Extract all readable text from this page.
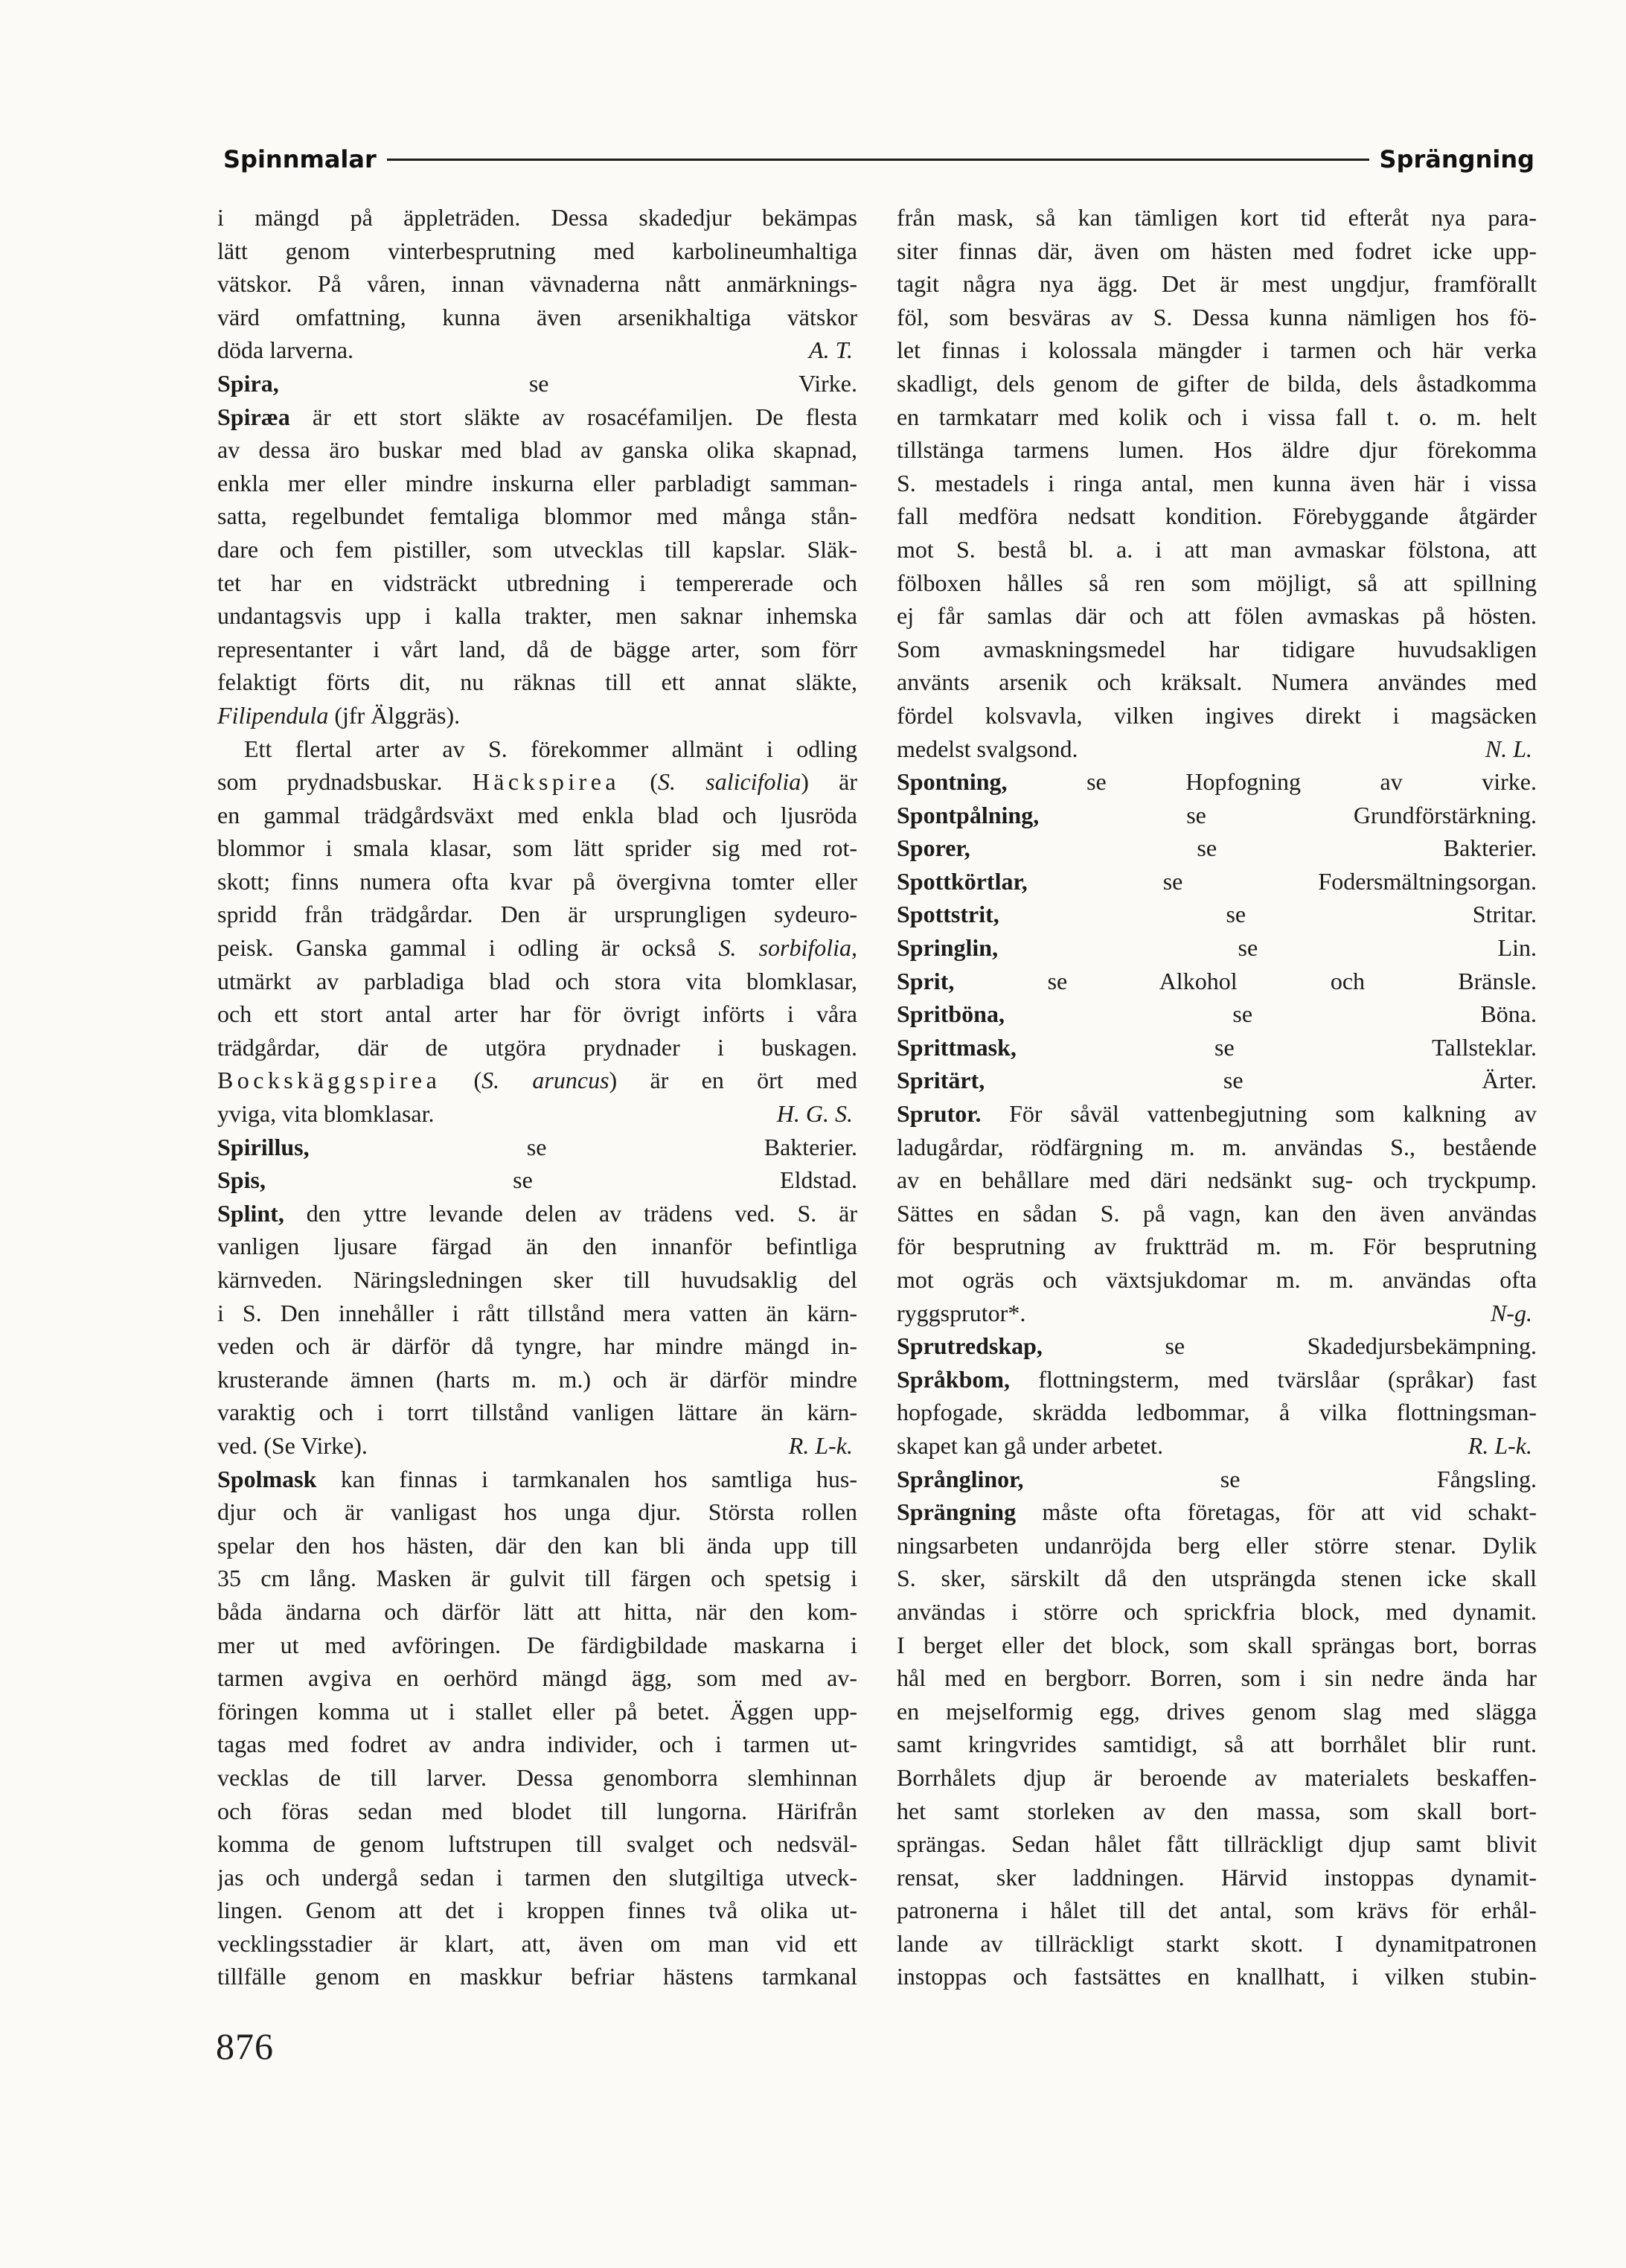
Spinnmalar	Sprängning
i mängd på äppleträden. Dessa skadedjur bekämpas
lätt genom vinterbesprutning med karbolineumhaltiga
vätskor. På våren, innan vävnaderna nått anmärknings-
värd omfattning, kunna även arsenikhaltiga vätskor
A. T.
döda larverna.
Spira, se Virke.
Spiræa är ett stort släkte av rosacéfamiljen. De flesta
av dessa äro buskar med blad av ganska olika skapnad,
enkla mer eller mindre inskurna eller parbladigt samman-
satta, regelbundet femtaliga blommor med många stån-
dare och fem pistiller, som utvecklas till kapslar. Släk-
tet har en vidsträckt utbredning i tempererade och
undantagsvis upp i kalla trakter, men saknar inhemska
representanter i vårt land, då de bägge arter, som förr
felaktigt förts dit, nu räknas till ett annat släkte,
Filipendula (jfr Älggräs).
Ett flertal arter av S. förekommer allmänt i odling
som prydnadsbuskar. Häckspirea (S. salicifolia) är
en gammal trädgårdsväxt med enkla blad och ljusröda
blommor i smala klasar, som lätt sprider sig med rot-
skott; finns numera ofta kvar på övergivna tomter eller
spridd från trädgårdar. Den är ursprungligen sydeuro-
peisk. Ganska gammal i odling är också S. sorbifolia,
utmärkt av parbladiga blad och stora vita blomklasar,
och ett stort antal arter har för övrigt införts i våra
trädgårdar, där de utgöra prydnader i buskagen.
Bockskäggspirea (S. aruncus) är en ört med
H. G. S.
yviga, vita blomklasar.
Spirillus, se Bakterier.
Spis, se Eldstad.
Splint, den yttre levande delen av trädens ved. S. är
vanligen ljusare färgad än den innanför befintliga
kärnveden. Näringsledningen sker till huvudsaklig del
i S. Den innehåller i rått tillstånd mera vatten än kärn-
veden och är därför då tyngre, har mindre mängd in-
krusterande ämnen (harts m. m.) och är därför mindre
varaktig och i torrt tillstånd vanligen lättare än kärn-
R. L-k.
ved. (Se Virke).
Spolmask kan finnas i tarmkanalen hos samtliga hus-
djur och är vanligast hos unga djur. Största rollen
spelar den hos hästen, där den kan bli ända upp till
35 cm lång. Masken är gulvit till färgen och spetsig i
båda ändarna och därför lätt att hitta, när den kom-
mer ut med avföringen. De färdigbildade maskarna i
tarmen avgiva en oerhörd mängd ägg, som med av-
föringen komma ut i stallet eller på betet. Äggen upp-
tagas med fodret av andra individer, och i tarmen ut-
vecklas de till larver. Dessa genomborra slemhinnan
och föras sedan med blodet till lungorna. Härifrån
komma de genom luftstrupen till svalget och nedsväl-
jas och undergå sedan i tarmen den slutgiltiga utveck-
lingen. Genom att det i kroppen finnes två olika ut-
vecklingsstadier är klart, att, även om man vid ett
tillfälle genom en maskkur befriar hästens tarmkanal
från mask, så kan tämligen kort tid efteråt nya para-
siter finnas där, även om hästen med fodret icke upp-
tagit några nya ägg. Det är mest ungdjur, framförallt
föl, som besväras av S. Dessa kunna nämligen hos fö-
let finnas i kolossala mängder i tarmen och här verka
skadligt, dels genom de gifter de bilda, dels åstadkomma
en tarmkatarr med kolik och i vissa fall t. o. m. helt
tillstänga tarmens lumen. Hos äldre djur förekomma
S. mestadels i ringa antal, men kunna även här i vissa
fall medföra nedsatt kondition. Förebyggande åtgärder
mot S. bestå bl. a. i att man avmaskar fölstona, att
fölboxen hålles så ren som möjligt, så att spillning
ej får samlas där och att fölen avmaskas på hösten.
Som avmaskningsmedel har tidigare huvudsakligen
använts arsenik och kräksalt. Numera användes med
fördel kolsvavla, vilken ingives direkt i magsäcken
N. L.
medelst svalgsond.
Spontning, se Hopfogning av virke.
Spontpålning, se Grundförstärkning.
Sporer, se Bakterier.
Spottkörtlar, se Fodersmältningsorgan.
Spottstrit, se Stritar.
Springlin, se Lin.
Sprit, se Alkohol och Bränsle.
Spritböna, se Böna.
Sprittmask, se Tallsteklar.
Spritärt, se Ärter.
Sprutor. För såväl vattenbegjutning som kalkning av
ladugårdar, rödfärgning m. m. användas S., bestående
av en behållare med däri nedsänkt sug- och tryckpump.
Sättes en sådan S. på vagn, kan den även användas
för besprutning av fruktträd m. m. För besprutning
mot ogräs och växtsjukdomar m. m. användas ofta
N-g.
ryggsprutor*.
Sprutredskap, se Skadedjursbekämpning.
Språkbom, flottningsterm, med tvärslåar (språkar) fast
hopfogade, skrädda ledbommar, å vilka flottningsman-
R. L-k.
skapet kan gå under arbetet.
Språnglinor, se Fångsling.
Sprängning måste ofta företagas, för att vid schakt-
ningsarbeten undanröjda berg eller större stenar. Dylik
S. sker, särskilt då den utsprängda stenen icke skall
användas i större och sprickfria block, med dynamit.
I berget eller det block, som skall sprängas bort, borras
hål med en bergborr. Borren, som i sin nedre ända har
en mejselformig egg, drives genom slag med slägga
samt kringvrides samtidigt, så att borrhålet blir runt.
Borrhålets djup är beroende av materialets beskaffen-
het samt storleken av den massa, som skall bort-
sprängas. Sedan hålet fått tillräckligt djup samt blivit
rensat, sker laddningen. Härvid instoppas dynamit-
patronerna i hålet till det antal, som krävs för erhål-
lande av tillräckligt starkt skott. I dynamitpatronen
instoppas och fastsättes en knallhatt, i vilken stubin-
876
